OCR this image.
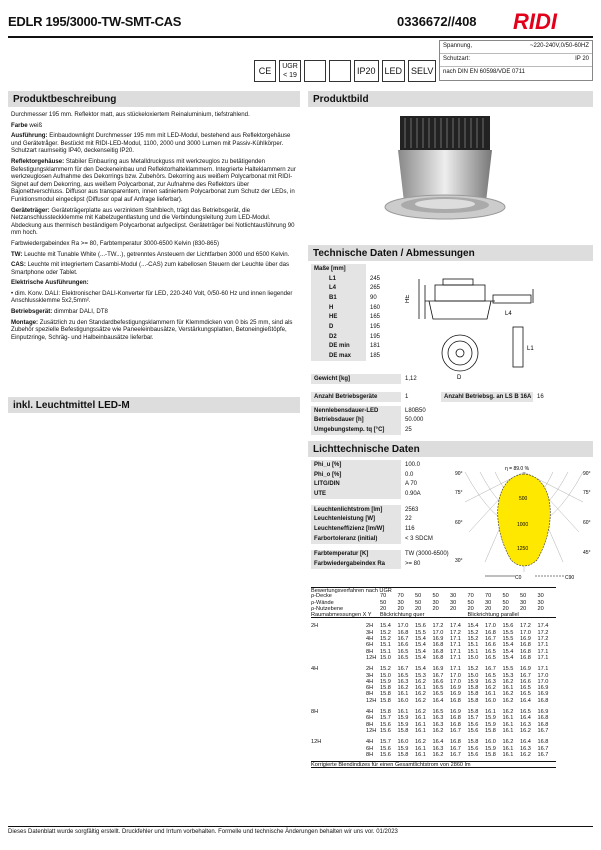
EDLR 195/3000-TW-SMT-CAS	0336672//408 RIDI
CE	UGR < 19	IP20	LED	SELV
Spannung,	~220-240V,0/50-60HZ
Schutzart:	IP 20
nach DIN EN 60598/VDE 0711
Produktbeschreibung

Durchmesser 195 mm. Reflektor matt, aus stückeloxiertem Reinaluminium, tiefstrahlend.

Farbe weiß

Ausführung: Einbaudownlight Durchmesser 195 mm mit LED-Modul, bestehend aus Reflektorgehäuse und Gerätetråger. Bestückt mit RIDI-LED-Modul, 1100, 2000 und 3000 Lumen mit Passiv-Kühlkörper. Schutzart raumseitig IP40, deckenseitig IP20.

Reflektorgehäuse: Stabiler Einbauring aus Metalldruckguss mit werkzeuglos zu betätigenden Befestigungsklammern für den Deckeneinbau und Reflektorhalteklammern. Integrierte Halteklammern zur werkzeuglosen Aufnahme des Dekorrings bzw. Zubehörs. Dekorring aus weißem Polycarbonat mit RIDI-Signet auf dem Dekorring, aus weißem Polycarbonat, zur Aufnahme des Reflektors über Bajonettverschluss. Diffusor aus transparentem, innen satiniertem Polycarbonat zum Schutz der LEDs, in Funktionsmodul eingeclipst (Diffusor opal auf Anfrage lieferbar).

Geräteträger: Geräteträgerplatte aus verzinktem Stahlblech, trägt das Betriebsgerät, die Netzanschlussteckklemme mit Kabelzugentlastung und die Verbindungsleitung zum LED-Modul. Abdeckung aus thermisch beständigem Polycarbonat aufgeclipst. Geräteträger bei Notlichtausführung 90 mm hoch.

Farbwiedergabeindex Ra >= 80, Farbtemperatur 3000-6500 Kelvin (830-865)

TW: Leuchte mit Tunable White (...-TW...), getrenntes Ansteuern der Lichtfarben 3000 und 6500 Kelvin.

CAS: Leuchte mit integriertem Casambi-Modul (...-CAS) zum kabellosen Steuern der Leuchte über das Smartphone oder Tablet.

Elektrische Ausführungen:

• dim. Konv. DALI: Elektronischer DALI-Konverter für LED, 220-240 Volt, 0/50-60 Hz und innen liegender Anschlussklemme 5x2,5mm².

Betriebsgerät: dimmbar DALI, DT8

Montage: Zusätzlich zu den Standardbefestigungsklammern für Klemmdicken von 0 bis 25 mm, sind als Zubehör spezielle Befestigungssätze wie Paneeleinbausätze, Verstärkungsplatten, Betoneingießtöpfe, Einputzringe, Schräg- und Halbeinbausätze lieferbar.

inkl. Leuchtmittel LED-M
Produktbild
Technische Daten / Abmessungen
Maße [mm]
L1	245
L4	265
B1	90
H	160
HE	165
D	195
D2	195
DE min	181
DE max	185
HE
L4
L1
D
Gewicht [kg]	1,12
Anzahl Betriebsgeräte	1
Nennlebensdauer-LED	L80B50
Betriebsdauer [h]	50.000
Umgebungstemp. tq [°C]	25
Anzahl Betriebsg. an LS B 16A 16
Lichttechnische Daten
Phi_u [%]	100.0
Phi_o [%]	0.0
LITG/DIN	A 70
UTE	0.90A
Leuchtenlichtstrom [lm]	2563
Leuchtenleistung [W]	22
Leuchteneffizienz [lm/W]	116
Farbortoleranz (initial)	< 3 SDCM
Farbtemperatur [K]	TW (3000-6500)
Farbwiedergabeindex Ra	>= 80
η = 89.0 %
90°	90°
75°	75°
60°	60°
45°
30°
500
1000
1250
C0	C90
Bewertungsverfahren nach UGR
ρ-Decke	70	70	50	50	30	70	70	50	50	30
ρ-Wände	50	30	50	30	30	50	30	50	30	30
ρ-Nutzebene	20	20	20	20	20	20	20	20	20	20
Raumabmessungen X Y	Blickrichtung quer	Blickrichtung parallel
2H	2H	15.4	17.0	15.6	17.2	17.4	15.4	17.0	15.6	17.2	17.4
3H	15.2	16.8	15.5	17.0	17.2	15.2	16.8	15.5	17.0	17.2
4H	15.2	16.7	15.4	16.9	17.1	15.2	16.7	15.5	16.9	17.2
6H	15.1	16.6	15.4	16.8	17.1	15.1	16.6	15.4	16.8	17.1
8H	15.1	16.5	15.4	16.8	17.1	15.1	16.5	15.4	16.8	17.1
12H 15.0	16.5	15.4	16.8	17.1	15.0	16.5	15.4	16.8	17.1
4H	2H	15.2	16.7	15.4	16.9	17.1	15.2	16.7	15.5	16.9	17.1
3H	15.0	16.5	15.3	16.7	17.0	15.0	16.5	15.3	16.7	17.0
4H	15.9	16.3	16.2	16.6	17.0	15.9	16.3	16.2	16.6	17.0
6H	15.8	16.2	16.1	16.5	16.9	15.8	16.2	16.1	16.5	16.9
8H	15.8	16.1	16.2	16.5	16.9	15.8	16.1	16.2	16.5	16.9
12H 15.8	16.0	16.2	16.4	16.8	15.8	16.0	16.2	16.4	16.8
8H	4H	15.8	16.1	16.2	16.5	16.9	15.8	16.1	16.2	16.5	16.9
6H	15.7	15.9	16.1	16.3	16.8	15.7	15.9	16.1	16.4	16.8
8H	15.6	15.9	16.1	16.3	16.8	15.6	15.9	16.1	16.3	16.8
12H 15.6	15.8	16.1	16.2	16.7	15.6	15.8	16.1	16.2	16.7
12H	4H	15.7	16.0	16.2	16.4	16.8	15.8	16.0	16.2	16.4	16.8
6H	15.6	15.9	16.1	16.3	16.7	15.6	15.9	16.1	16.3	16.7
8H	15.6	15.8	16.1	16.2	16.7	15.6	15.8	16.1	16.2	16.7
Korrigierte Blendindizes für einen Gesamtlichtstrom von 2860 lm
Dieses Datenblatt wurde sorgfältig erstellt. Druckfehler und Irrtum vorbehalten. Formelle und technische Änderungen behalten wir uns vor. 01/2023
